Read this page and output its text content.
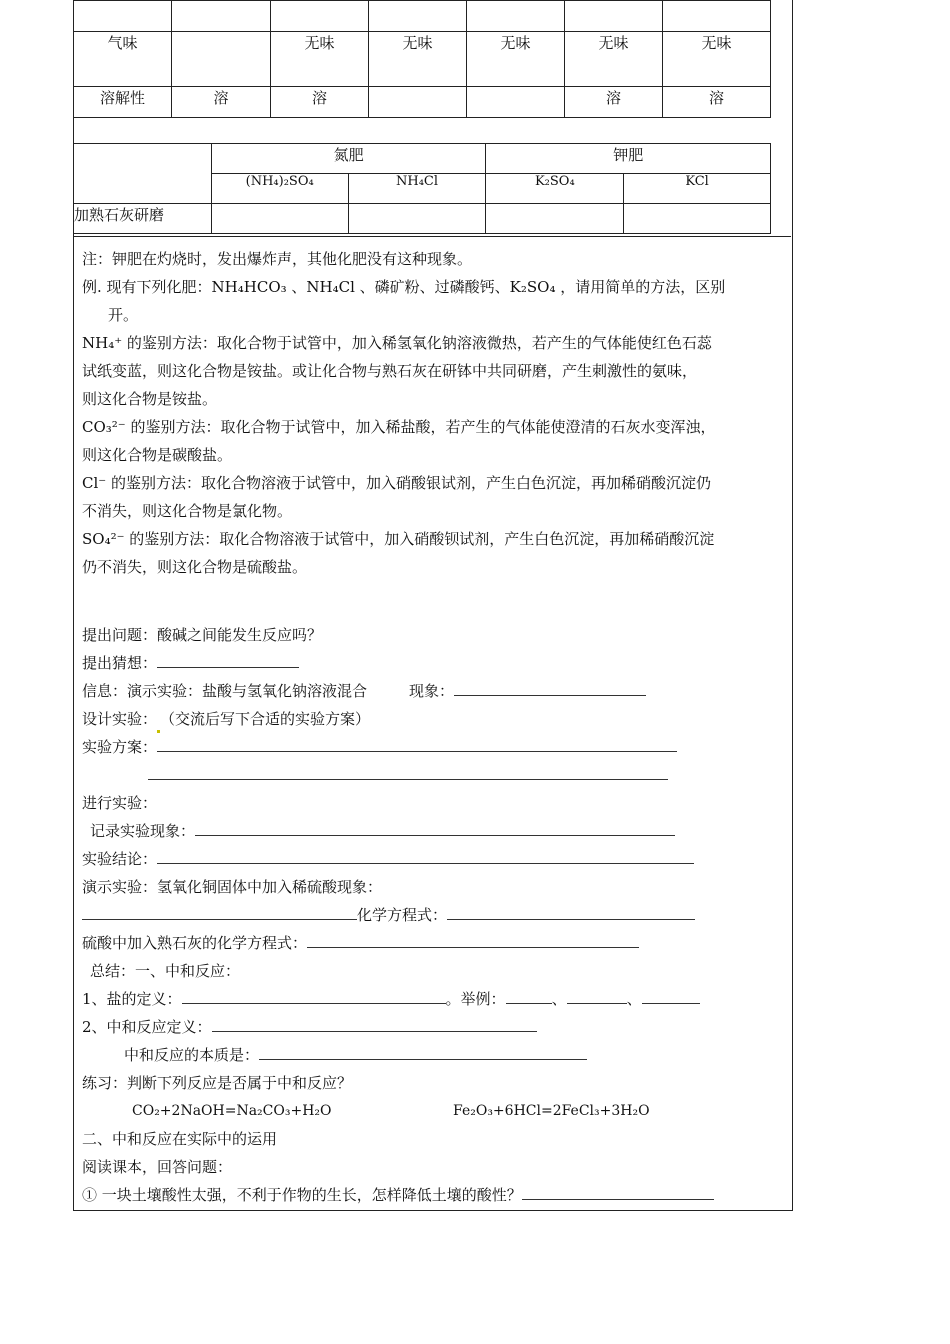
气味		无味	无味	无味	无味	无味
溶解性	溶	溶			溶	溶
	氮肥		钾肥	
	(NH₄)₂SO₄	NH₄Cl	K₂SO₄	KCl
加熟石灰研磨				
注：钾肥在灼烧时，发出爆炸声，其他化肥没有这种现象。
例. 现有下列化肥：NH₄HCO₃ 、NH₄Cl 、磷矿粉、过磷酸钙、K₂SO₄ ，请用简单的方法，区别
开。
NH₄⁺ 的鉴别方法：取化合物于试管中，加入稀氢氧化钠溶液微热，若产生的气体能使红色石蕊
试纸变蓝，则这化合物是铵盐。或让化合物与熟石灰在研钵中共同研磨，产生刺激性的氨味，
则这化合物是铵盐。
CO₃²⁻ 的鉴别方法：取化合物于试管中，加入稀盐酸，若产生的气体能使澄清的石灰水变浑浊，
则这化合物是碳酸盐。
Cl⁻ 的鉴别方法：取化合物溶液于试管中，加入硝酸银试剂，产生白色沉淀，再加稀硝酸沉淀仍
不消失，则这化合物是氯化物。
SO₄²⁻ 的鉴别方法：取化合物溶液于试管中，加入硝酸钡试剂，产生白色沉淀，再加稀硝酸沉淀
仍不消失，则这化合物是硫酸盐。
提出问题：酸碱之间能发生反应吗？
提出猜想：
信息：演示实验：盐酸与氢氧化钠溶液混合	现象：
设计实验： （交流后写下合适的实验方案）
实验方案：
进行实验：
记录实验现象：
实验结论：
演示实验：氢氧化铜固体中加入稀硫酸现象：
化学方程式：
硫酸中加入熟石灰的化学方程式：
总结：一、中和反应：
1、盐的定义：	。举例：	、	、
2、中和反应定义：
中和反应的本质是：
练习：判断下列反应是否属于中和反应？
CO₂+2NaOH=Na₂CO₃+H₂O	Fe₂O₃+6HCl=2FeCl₃+3H₂O
二、中和反应在实际中的运用
阅读课本，回答问题：
① 一块土壤酸性太强，不利于作物的生长，怎样降低土壤的酸性？
